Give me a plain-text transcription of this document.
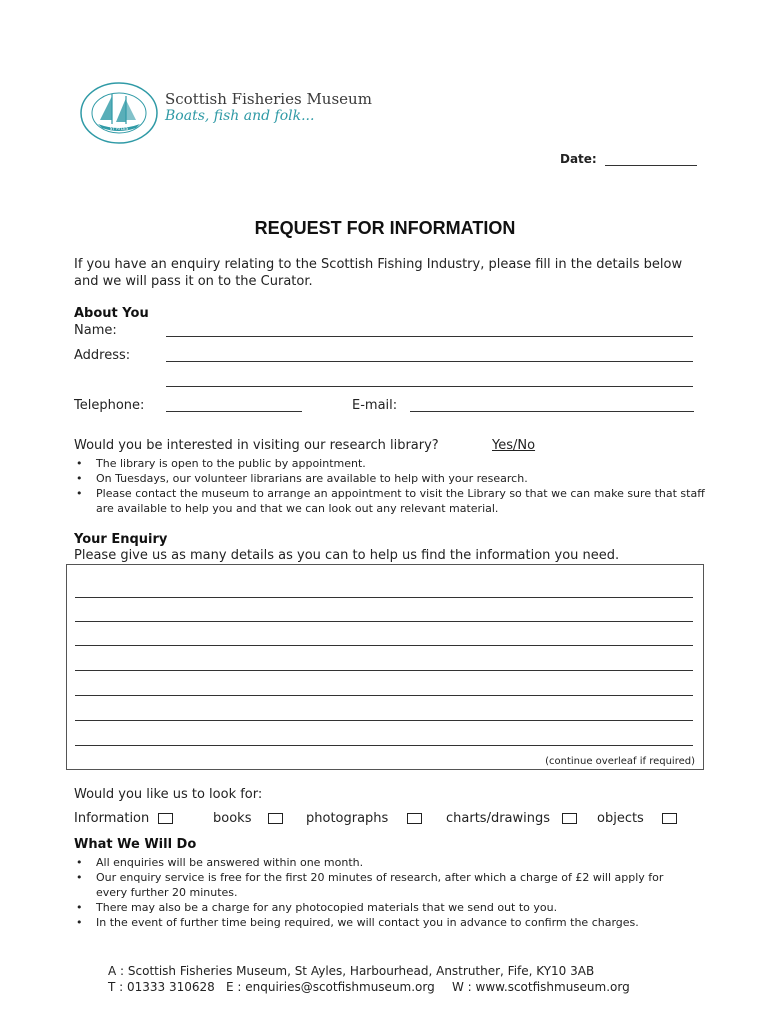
ST AYLES
Scottish Fisheries Museum
Boats, fish and folk...
Date:
REQUEST FOR INFORMATION
If you have an enquiry relating to the Scottish Fishing Industry, please fill in the details below and we will pass it on to the Curator.
About You
Name:
Address:
Telephone:	E-mail:
Would you be interested in visiting our research library?	Yes/No
• The library is open to the public by appointment.
• On Tuesdays, our volunteer librarians are available to help with your research.
• Please contact the museum to arrange an appointment to visit the Library so that we can make sure that staff are available to help you and that we can look out any relevant material.
Your Enquiry
Please give us as many details as you can to help us find the information you need.
(continue overleaf if required)
Would you like us to look for:
Information	books	photographs	charts/drawings	objects
What We Will Do
• All enquiries will be answered within one month.
• Our enquiry service is free for the first 20 minutes of research, after which a charge of £2 will apply for every further 20 minutes.
• There may also be a charge for any photocopied materials that we send out to you.
• In the event of further time being required, we will contact you in advance to confirm the charges.
A : Scottish Fisheries Museum, St Ayles, Harbourhead, Anstruther, Fife, KY10 3AB
T : 01333 310628 E : enquiries@scotfishmuseum.org W : www.scotfishmuseum.org
